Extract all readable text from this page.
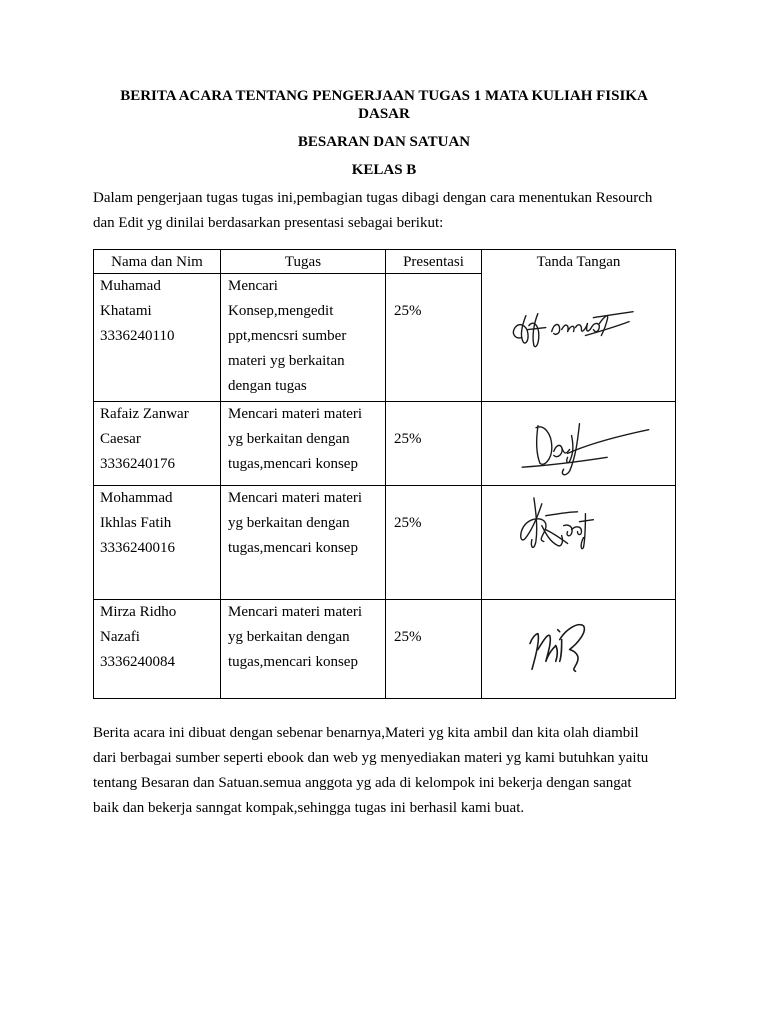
BERITA ACARA TENTANG PENGERJAAN TUGAS 1 MATA KULIAH FISIKA DASAR
BESARAN DAN SATUAN
KELAS B
Dalam pengerjaan tugas tugas ini,pembagian tugas dibagi dengan cara menentukan Resourch
dan Edit yg dinilai berdasarkan presentasi sebagai berikut:
Nama dan Nim	Tugas	Presentasi	Tanda Tangan

Muhamad
Khatami
3336240110	Mencari
Konsep,mengedit
ppt,mencsri sumber
materi yg berkaitan
dengan tugas	25%	

Rafaiz Zanwar
Caesar
3336240176	Mencari materi materi
yg berkaitan dengan
tugas,mencari konsep	25%	

Mohammad
Ikhlas Fatih
3336240016	Mencari materi materi
yg berkaitan dengan
tugas,mencari konsep	25%	

Mirza Ridho
Nazafi
3336240084	Mencari materi materi
yg berkaitan dengan
tugas,mencari konsep	25%	
Berita acara ini dibuat dengan sebenar benarnya,Materi yg kita ambil dan kita olah diambil
dari berbagai sumber seperti ebook dan web yg menyediakan materi yg kami butuhkan yaitu
tentang Besaran dan Satuan.semua anggota yg ada di kelompok ini bekerja dengan sangat
baik dan bekerja sanngat kompak,sehingga tugas ini berhasil kami buat.
